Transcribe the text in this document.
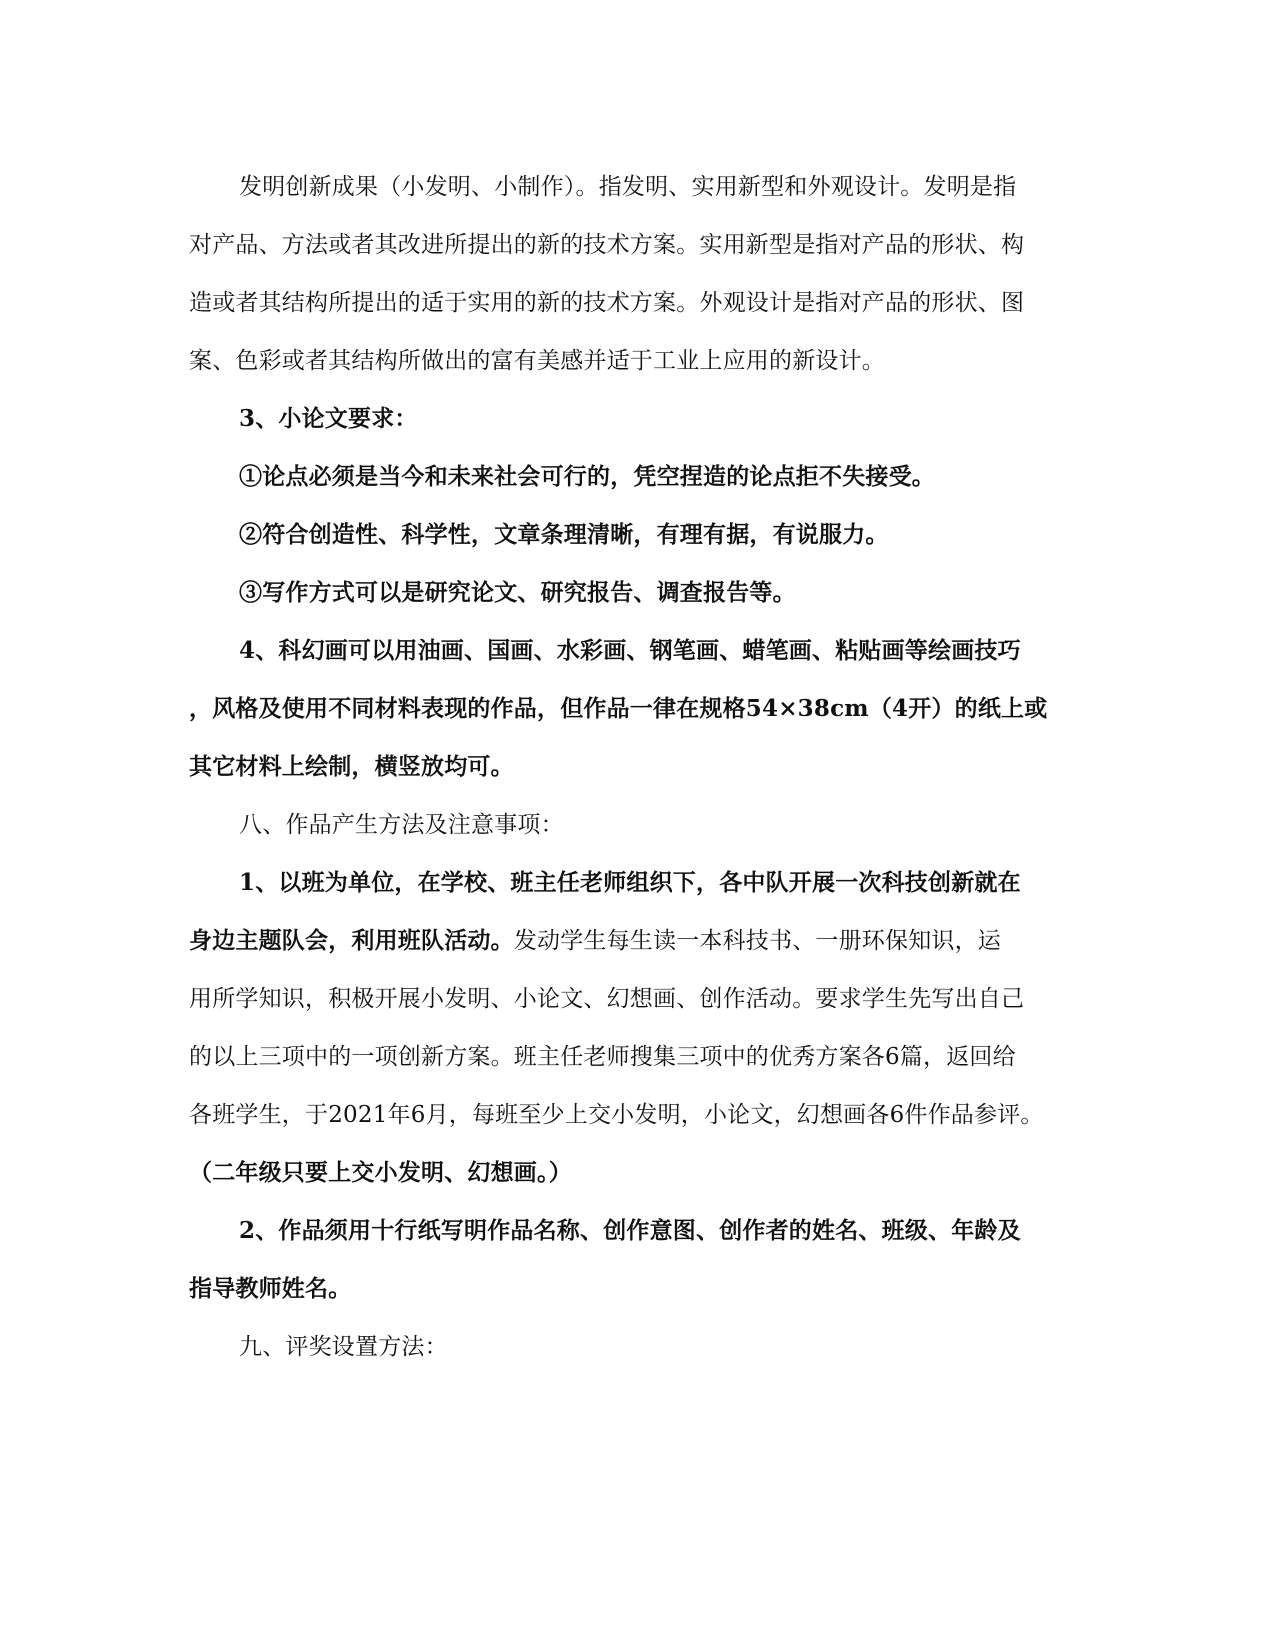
发明创新成果（小发明、小制作）。指发明、实用新型和外观设计。发明是指
对产品、方法或者其改进所提出的新的技术方案。实用新型是指对产品的形状、构
造或者其结构所提出的适于实用的新的技术方案。外观设计是指对产品的形状、图
案、色彩或者其结构所做出的富有美感并适于工业上应用的新设计。
3、小论文要求：
①论点必须是当今和未来社会可行的，凭空捏造的论点拒不失接受。
②符合创造性、科学性，文章条理清晰，有理有据，有说服力。
③写作方式可以是研究论文、研究报告、调查报告等。
4、科幻画可以用油画、国画、水彩画、钢笔画、蜡笔画、粘贴画等绘画技巧
，风格及使用不同材料表现的作品，但作品一律在规格54×38cm（4开）的纸上或
其它材料上绘制，横竖放均可。
八、作品产生方法及注意事项：
1、以班为单位，在学校、班主任老师组织下，各中队开展一次科技创新就在
身边主题队会，利用班队活动。发动学生每生读一本科技书、一册环保知识，运
用所学知识，积极开展小发明、小论文、幻想画、创作活动。要求学生先写出自己
的以上三项中的一项创新方案。班主任老师搜集三项中的优秀方案各6篇，返回给
各班学生，于2021年6月，每班至少上交小发明，小论文，幻想画各6件作品参评。
（二年级只要上交小发明、幻想画。）
2、作品须用十行纸写明作品名称、创作意图、创作者的姓名、班级、年龄及
指导教师姓名。
九、评奖设置方法：
